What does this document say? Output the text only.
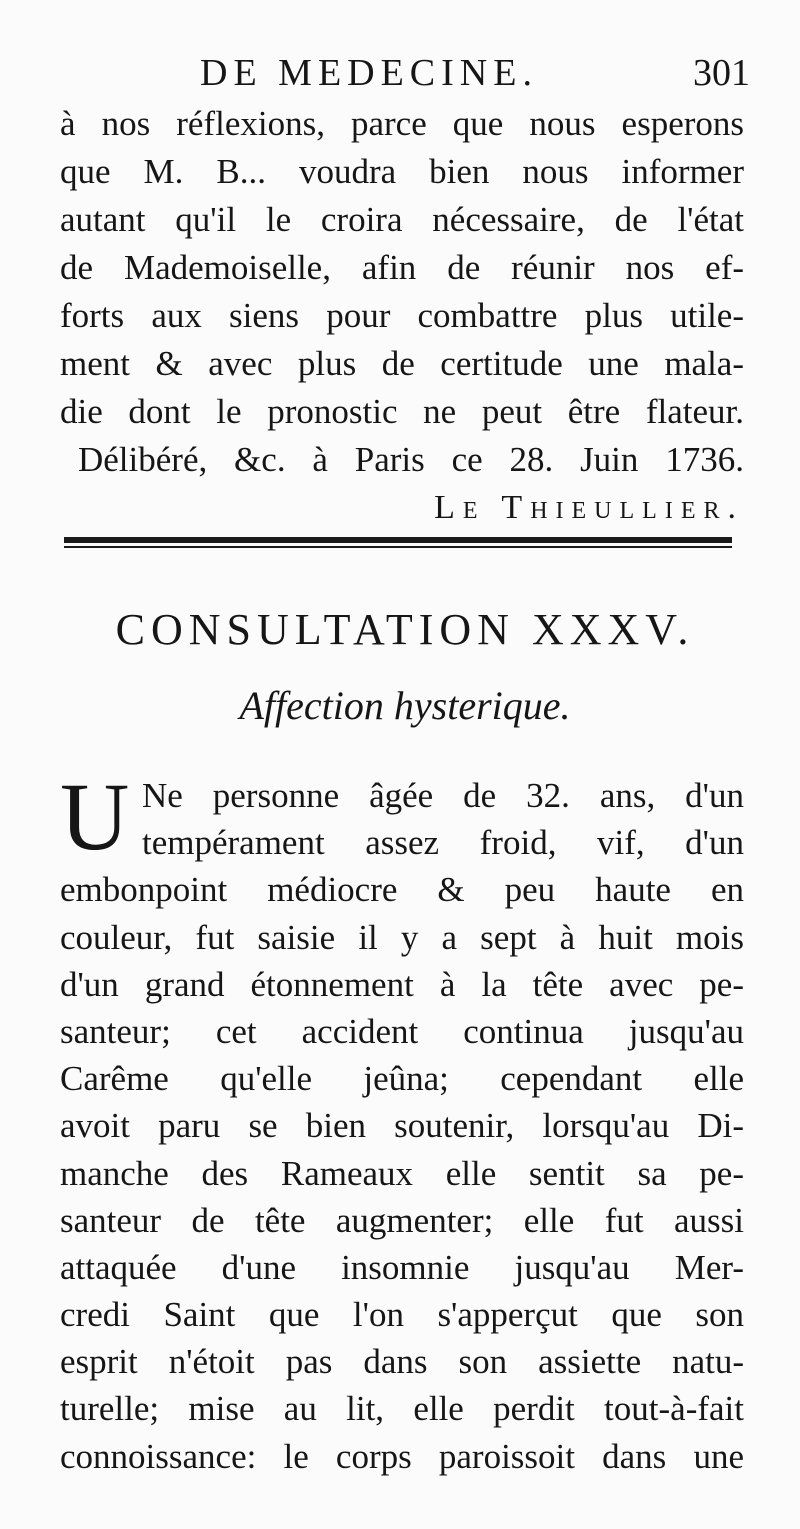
DE MEDECINE.	301
à nos réflexions, parce que nous esperons
que M. B... voudra bien nous informer
autant qu'il le croira nécessaire, de l'état
de Mademoiselle, afin de réunir nos ef-
forts aux siens pour combattre plus utile-
ment & avec plus de certitude une mala-
die dont le pronostic ne peut être flateur.
Délibéré, &c. à Paris ce 28. Juin 1736.
Le Thieullier.
CONSULTATION XXXV.
Affection hysterique.
U Ne personne âgée de 32. ans, d'un
tempérament assez froid, vif, d'un
embonpoint médiocre & peu haute en
couleur, fut saisie il y a sept à huit mois
d'un grand étonnement à la tête avec pe-
santeur; cet accident continua jusqu'au
Carême qu'elle jeûna; cependant elle
avoit paru se bien soutenir, lorsqu'au Di-
manche des Rameaux elle sentit sa pe-
santeur de tête augmenter; elle fut aussi
attaquée d'une insomnie jusqu'au Mer-
credi Saint que l'on s'apperçut que son
esprit n'étoit pas dans son assiette natu-
turelle; mise au lit, elle perdit tout-à-fait
connoissance: le corps paroissoit dans une
